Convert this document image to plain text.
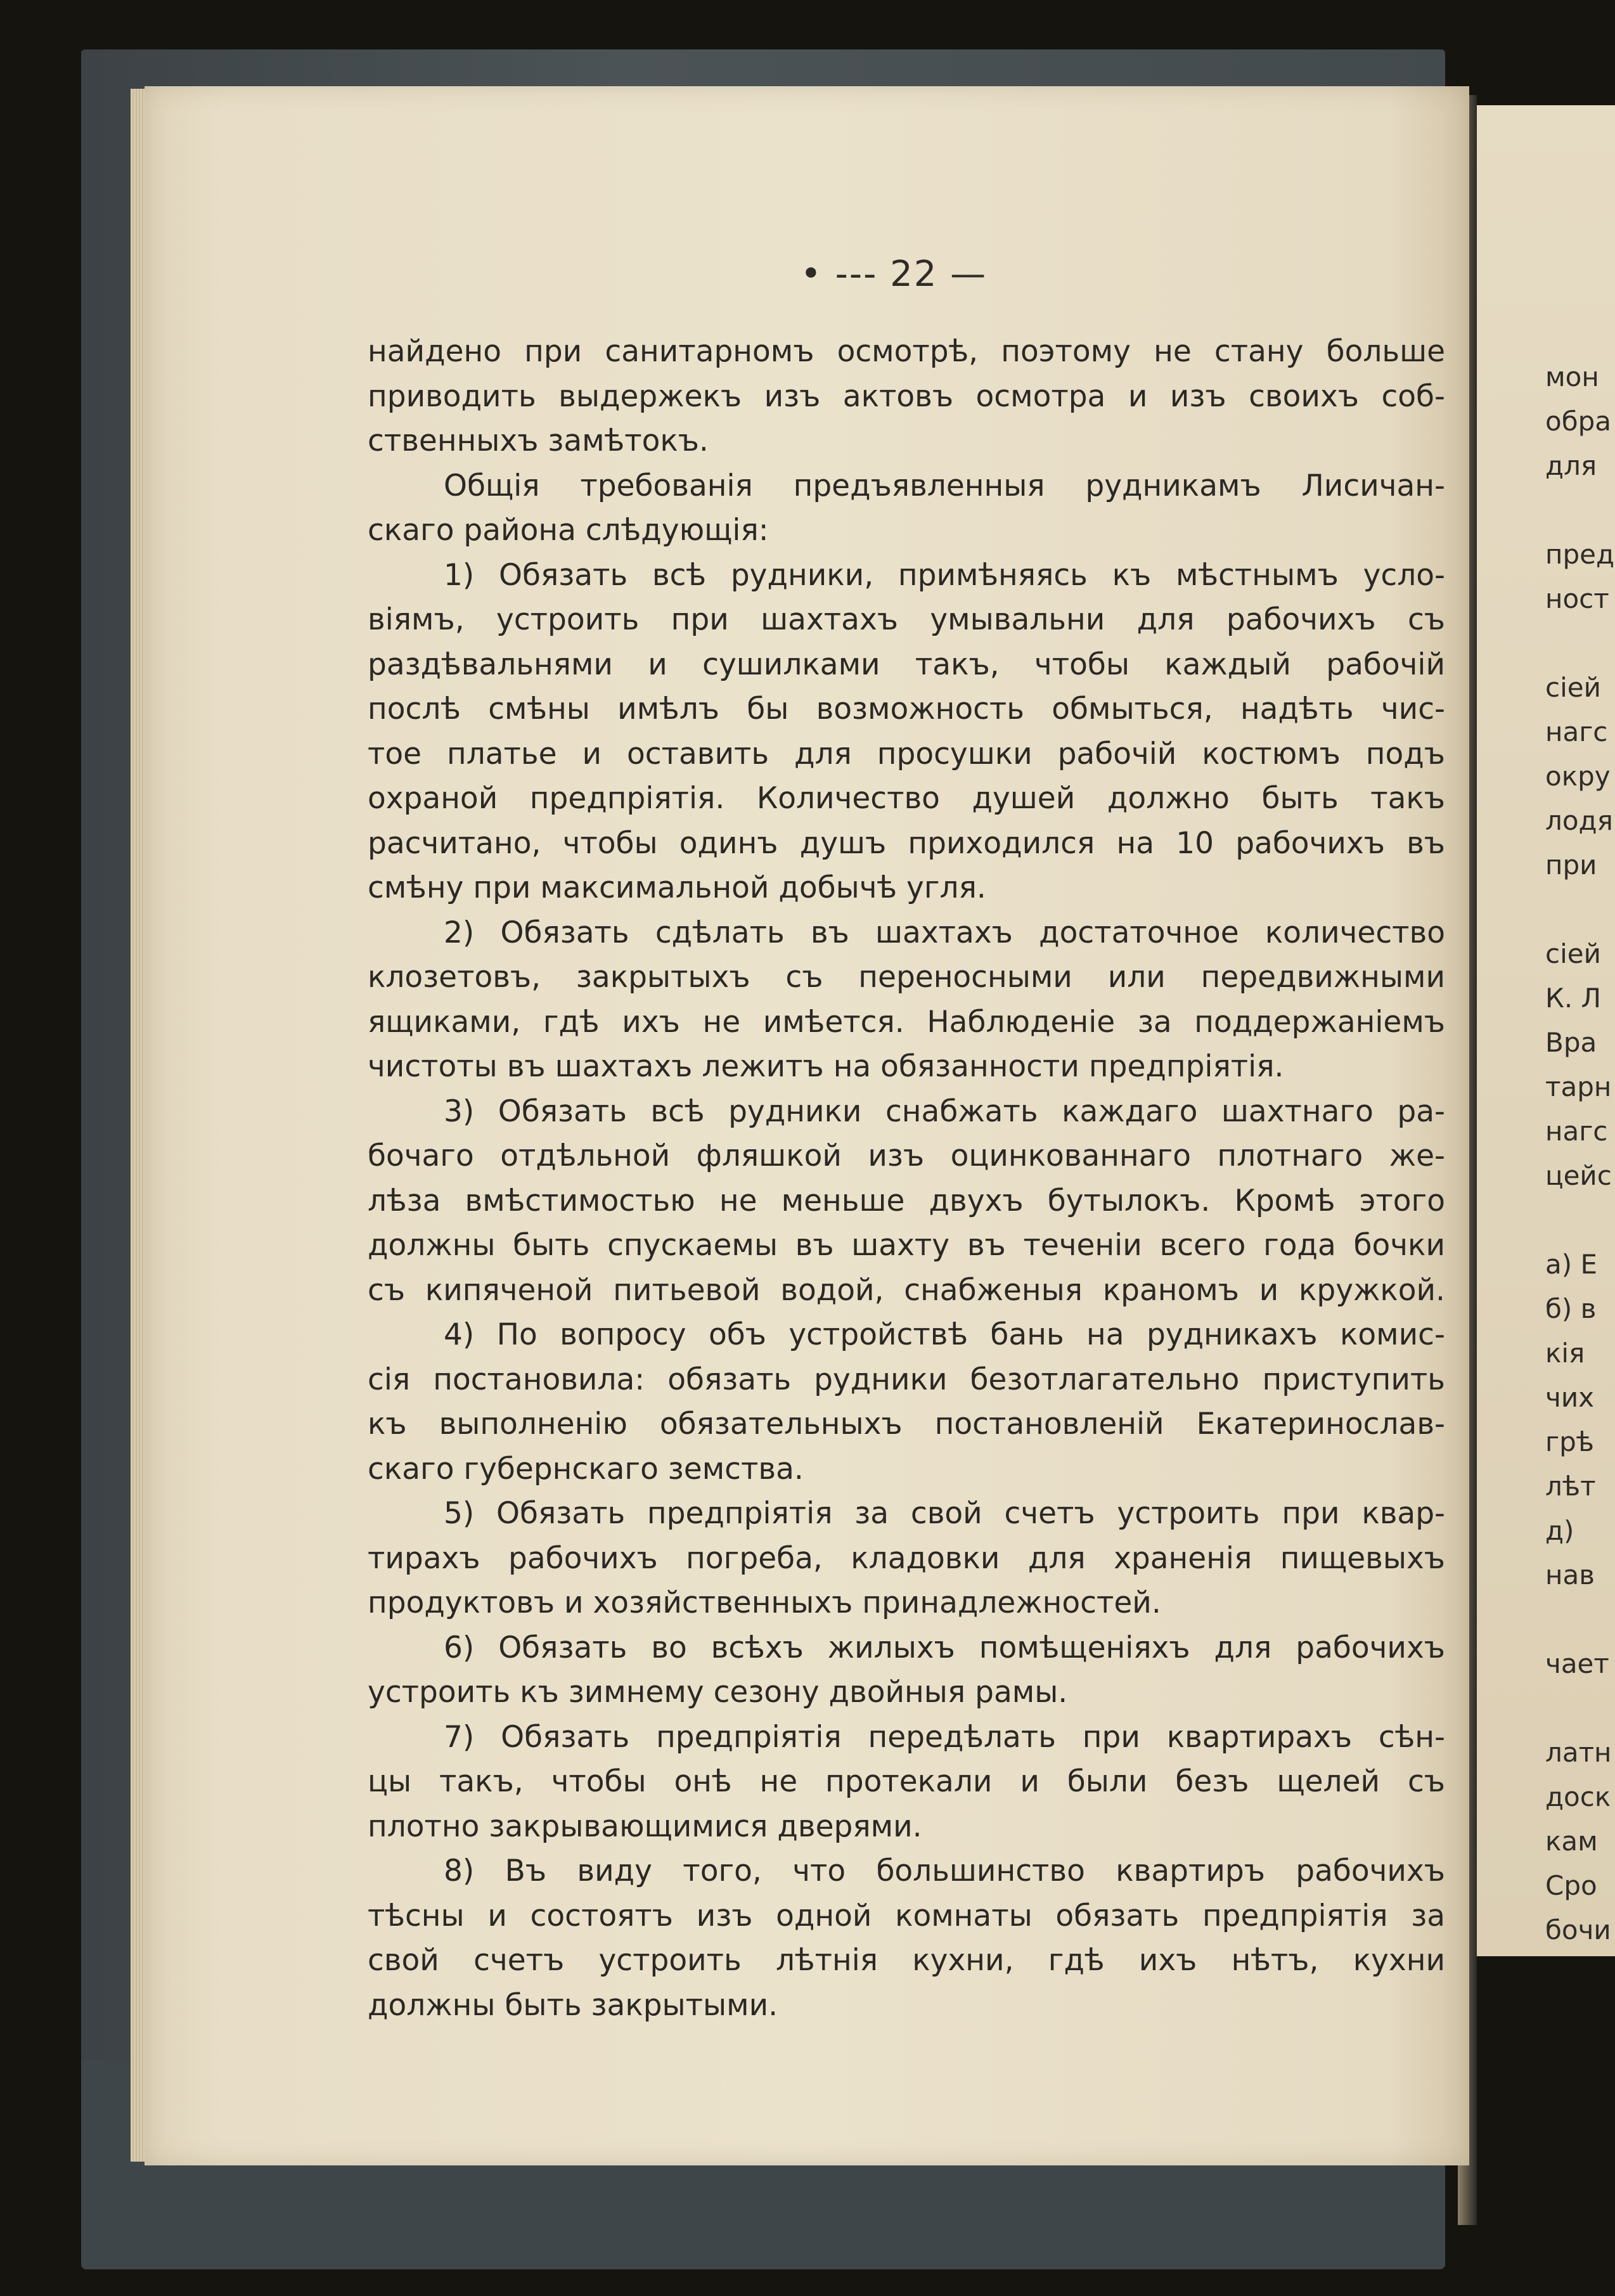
• --- 22 —
найдено при санитарномъ осмотрѣ, поэтому не стану больше
приводить выдержекъ изъ актовъ осмотра и изъ своихъ соб-
ственныхъ замѣтокъ.
Общія требованія предъявленныя рудникамъ Лисичан-
скаго района слѣдующія:
1) Обязать всѣ рудники, примѣняясь къ мѣстнымъ усло-
віямъ, устроить при шахтахъ умывальни для рабочихъ съ
раздѣвальнями и сушилками такъ, чтобы каждый рабочій
послѣ смѣны имѣлъ бы возможность обмыться, надѣть чис-
тое платье и оставить для просушки рабочій костюмъ подъ
охраной предпріятія. Количество душей должно быть такъ
расчитано, чтобы одинъ душъ приходился на 10 рабочихъ въ
смѣну при максимальной добычѣ угля.
2) Обязать сдѣлать въ шахтахъ достаточное количество
клозетовъ, закрытыхъ съ переносными или передвижными
ящиками, гдѣ ихъ не имѣется. Наблюденіе за поддержаніемъ
чистоты въ шахтахъ лежитъ на обязанности предпріятія.
3) Обязать всѣ рудники снабжать каждаго шахтнаго ра-
бочаго отдѣльной фляшкой изъ оцинкованнаго плотнаго же-
лѣза вмѣстимостью не меньше двухъ бутылокъ. Кромѣ этого
должны быть спускаемы въ шахту въ теченіи всего года бочки
съ кипяченой питьевой водой, снабженыя краномъ и кружкой.
4) По вопросу объ устройствѣ бань на рудникахъ комис-
сія постановила: обязать рудники безотлагательно приступить
къ выполненію обязательныхъ постановленій Екатеринослав-
скаго губернскаго земства.
5) Обязать предпріятія за свой счетъ устроить при квар-
тирахъ рабочихъ погреба, кладовки для храненія пищевыхъ
продуктовъ и хозяйственныхъ принадлежностей.
6) Обязать во всѣхъ жилыхъ помѣщеніяхъ для рабочихъ
устроить къ зимнему сезону двойныя рамы.
7) Обязать предпріятія передѣлать при квартирахъ сѣн-
цы такъ, чтобы онѣ не протекали и были безъ щелей съ
плотно закрывающимися дверями.
8) Въ виду того, что большинство квартиръ рабочихъ
тѣсны и состоятъ изъ одной комнаты обязать предпріятія за
свой счетъ устроить лѣтнія кухни, гдѣ ихъ нѣтъ, кухни
должны быть закрытыми.
мон
обра
для
пред
ност
сіей
нагс
окру
лодя
при
сіей
К. Л
Вра
тарн
нагс
цейс
а) Е
б) в
кія
чих
грѣ
лѣт
д)
нав
чает
латн
доск
кам
Сро
бочи
